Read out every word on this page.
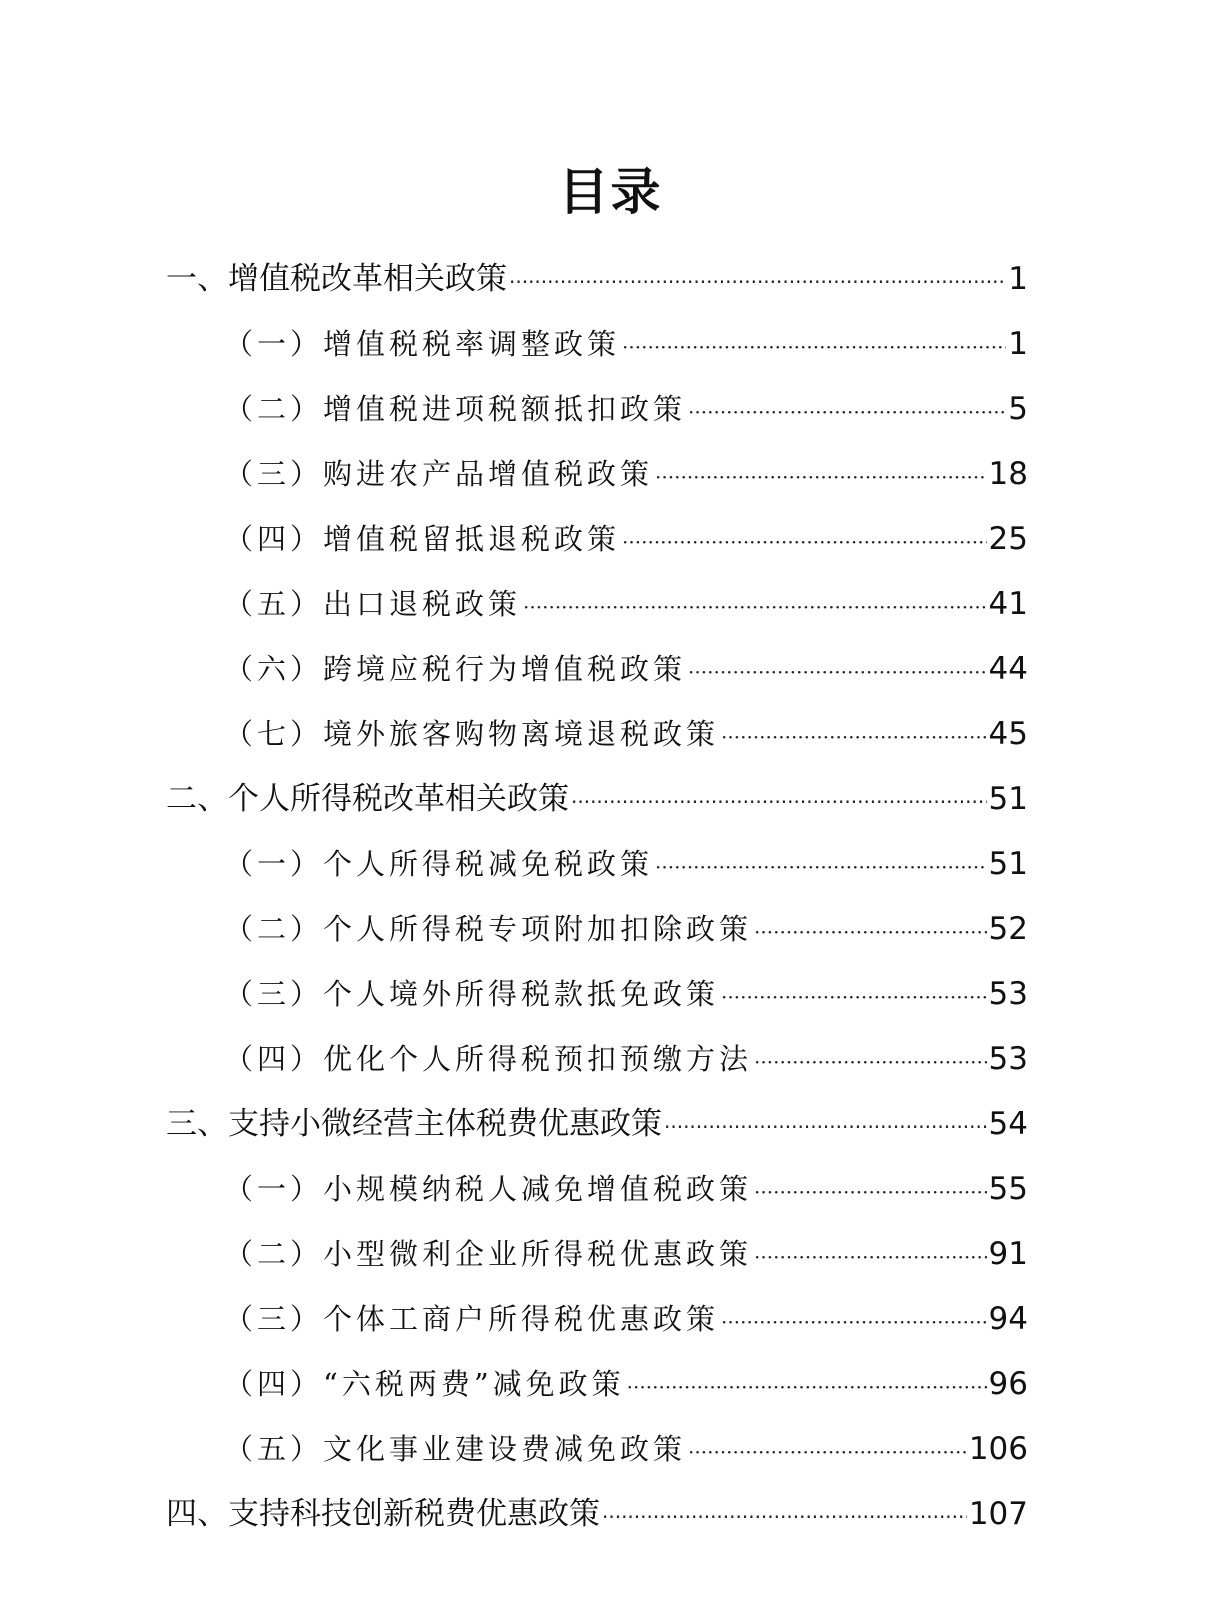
目录
一、 增值税改革相关政策 ·····	1
（一） 增值税税率调整政策 ·····	1
（二） 增值税进项税额抵扣政策 ·····	5
（三） 购进农产品增值税政策 ·····	18
（四） 增值税留抵退税政策 ·····	25
（五） 出口退税政策 ·····	41
（六） 跨境应税行为增值税政策 ·····	44
（七） 境外旅客购物离境退税政策 ·····	45
二、 个人所得税改革相关政策 ·····	51
（一） 个人所得税减免税政策 ·····	51
（二） 个人所得税专项附加扣除政策 ·····	52
（三） 个人境外所得税款抵免政策 ·····	53
（四） 优化个人所得税预扣预缴方法 ·····	53
三、 支持小微经营主体税费优惠政策 ·····	54
（一） 小规模纳税人减免增值税政策 ·····	55
（二） 小型微利企业所得税优惠政策 ·····	91
（三） 个体工商户所得税优惠政策 ·····	94
（四） “六税两费”减免政策 ·····	96
（五） 文化事业建设费减免政策 ·····	106
四、 支持科技创新税费优惠政策 ·····	107
